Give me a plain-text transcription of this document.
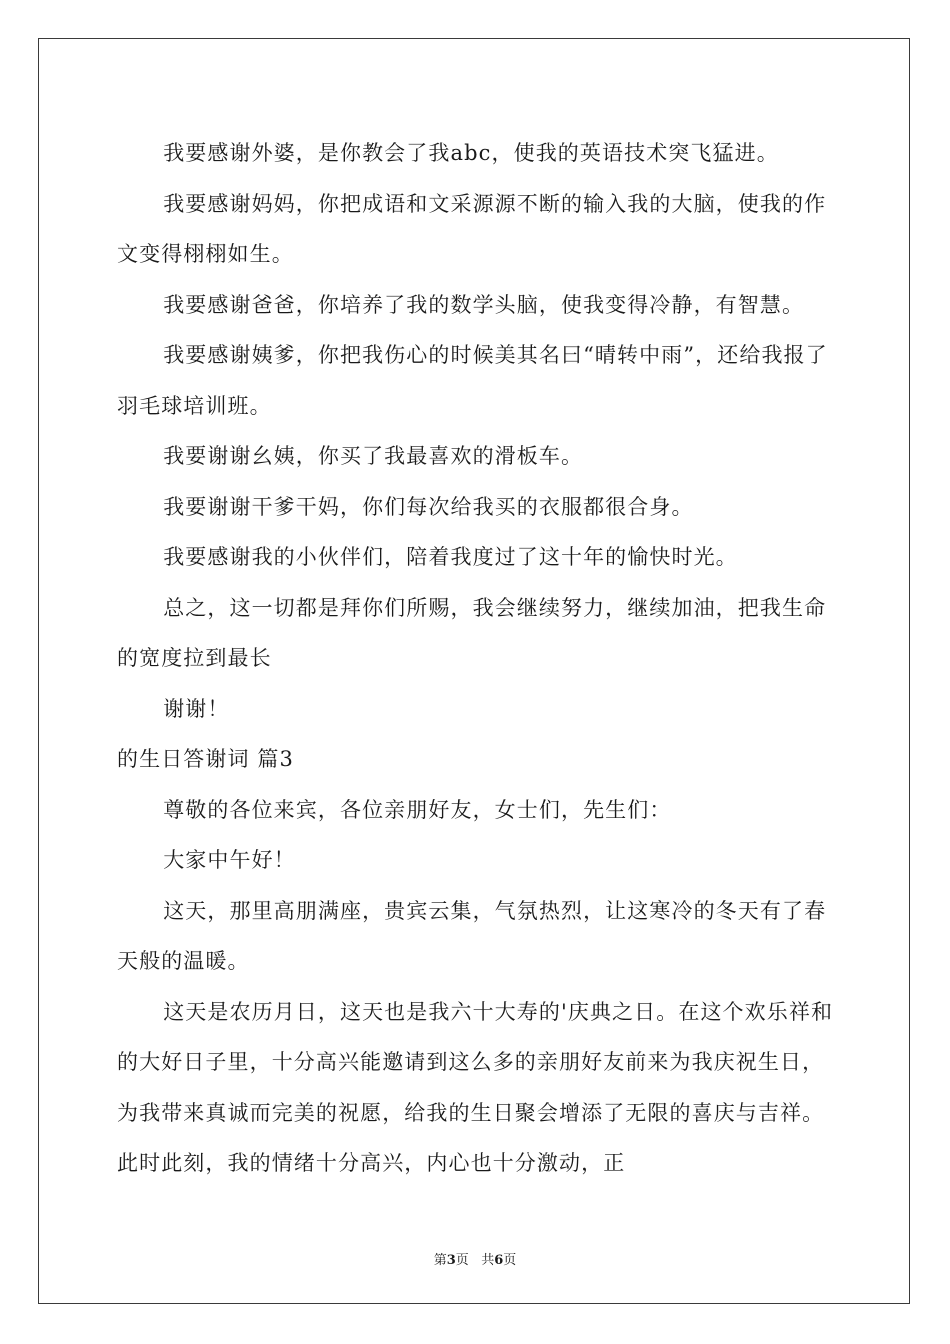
我要感谢外婆，是你教会了我abc，使我的英语技术突飞猛进。

我要感谢妈妈，你把成语和文采源源不断的输入我的大脑，使我的作文变得栩栩如生。

我要感谢爸爸，你培养了我的数学头脑，使我变得冷静，有智慧。

我要感谢姨爹，你把我伤心的时候美其名曰“晴转中雨”，还给我报了羽毛球培训班。

我要谢谢幺姨，你买了我最喜欢的滑板车。

我要谢谢干爹干妈，你们每次给我买的衣服都很合身。

我要感谢我的小伙伴们，陪着我度过了这十年的愉快时光。

总之，这一切都是拜你们所赐，我会继续努力，继续加油，把我生命的宽度拉到最长

谢谢！

的生日答谢词 篇3

尊敬的各位来宾，各位亲朋好友，女士们，先生们：

大家中午好！

这天，那里高朋满座，贵宾云集，气氛热烈，让这寒冷的冬天有了春天般的温暖。

这天是农历月日，这天也是我六十大寿的'庆典之日。在这个欢乐祥和的大好日子里，十分高兴能邀请到这么多的亲朋好友前来为我庆祝生日，为我带来真诚而完美的祝愿，给我的生日聚会增添了无限的喜庆与吉祥。此时此刻，我的情绪十分高兴，内心也十分激动，正

第3页   共6页
